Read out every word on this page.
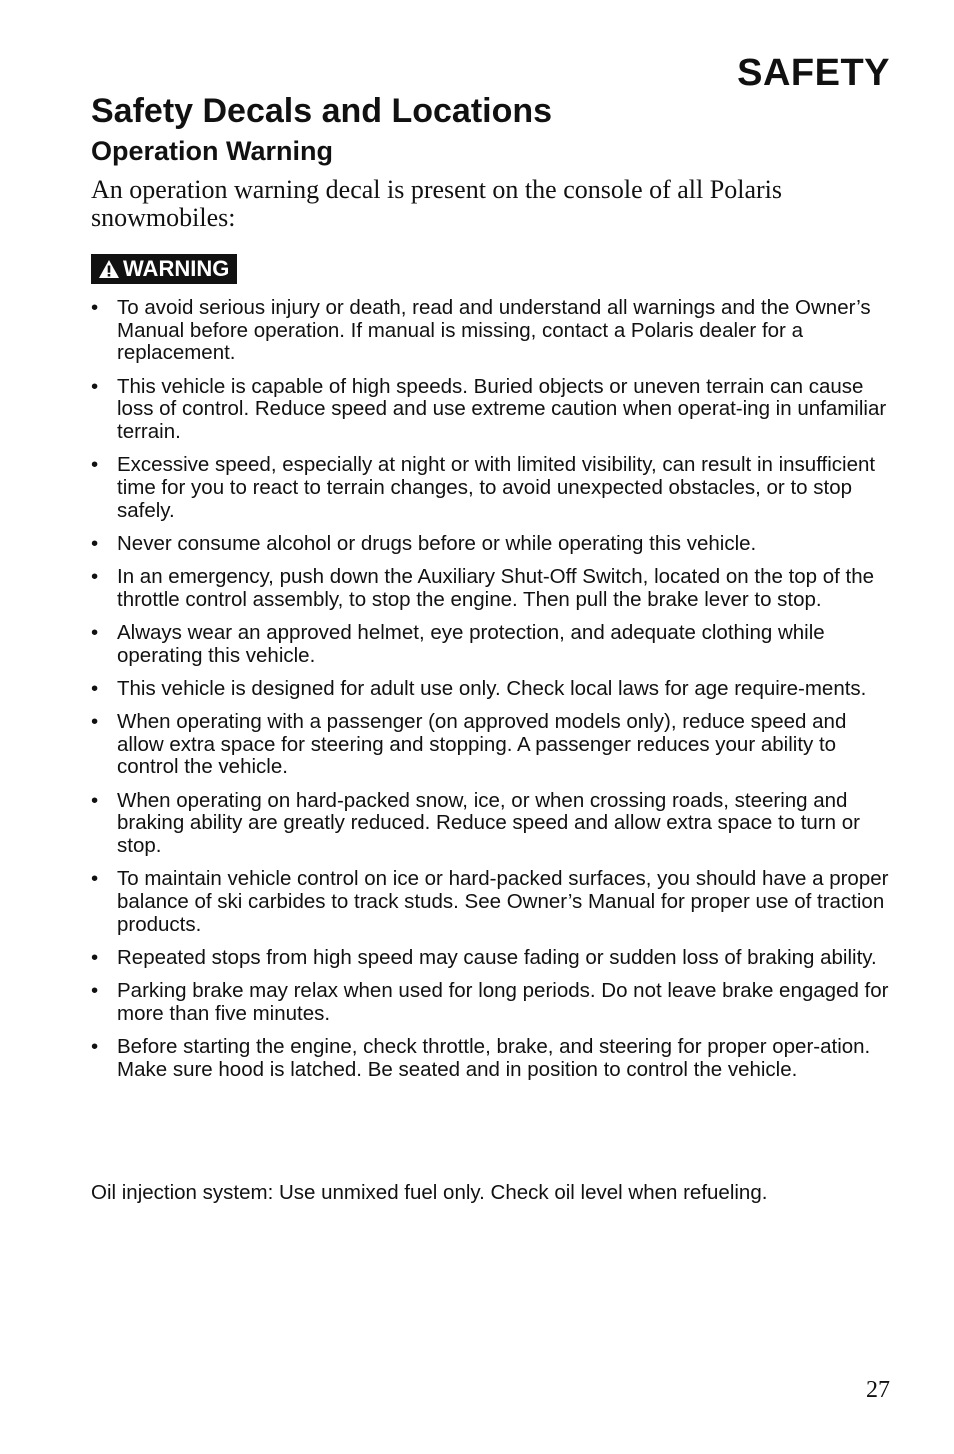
SAFETY
Safety Decals and Locations
Operation Warning

An operation warning decal is present on the console of all Polaris snowmobiles:

WARNING
• To avoid serious injury or death, read and understand all warnings and the Owner’s Manual before operation. If manual is missing, contact a Polaris dealer for a replacement.
• This vehicle is capable of high speeds. Buried objects or uneven terrain can cause loss of control. Reduce speed and use extreme caution when operat-ing in unfamiliar terrain.
• Excessive speed, especially at night or with limited visibility, can result in insufficient time for you to react to terrain changes, to avoid unexpected obstacles, or to stop safely.
• Never consume alcohol or drugs before or while operating this vehicle.
• In an emergency, push down the Auxiliary Shut-Off Switch, located on the top of the throttle control assembly, to stop the engine. Then pull the brake lever to stop.
• Always wear an approved helmet, eye protection, and adequate clothing while operating this vehicle.
• This vehicle is designed for adult use only. Check local laws for age require-ments.
• When operating with a passenger (on approved models only), reduce speed and allow extra space for steering and stopping. A passenger reduces your ability to control the vehicle.
• When operating on hard-packed snow, ice, or when crossing roads, steering and braking ability are greatly reduced. Reduce speed and allow extra space to turn or stop.
• To maintain vehicle control on ice or hard-packed surfaces, you should have a proper balance of ski carbides to track studs. See Owner’s Manual for proper use of traction products.
• Repeated stops from high speed may cause fading or sudden loss of braking ability.
• Parking brake may relax when used for long periods. Do not leave brake engaged for more than five minutes.
• Before starting the engine, check throttle, brake, and steering for proper oper-ation. Make sure hood is latched. Be seated and in position to control the vehicle.

Oil injection system: Use unmixed fuel only. Check oil level when refueling.

27
